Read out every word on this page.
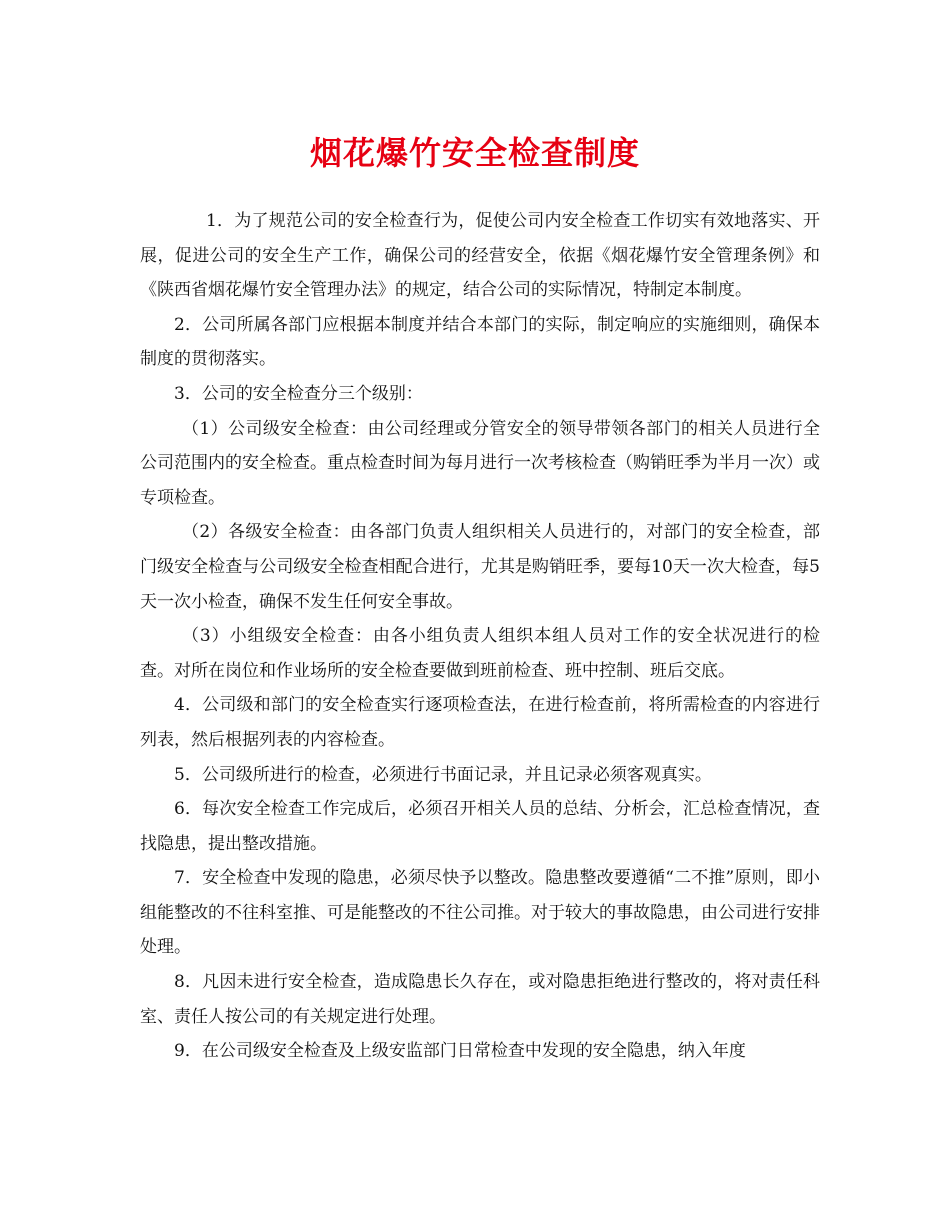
烟花爆竹安全检查制度

1．为了规范公司的安全检查行为，促使公司内安全检查工作切实有效地落实、开展，促进公司的安全生产工作，确保公司的经营安全，依据《烟花爆竹安全管理条例》和《陕西省烟花爆竹安全管理办法》的规定，结合公司的实际情况，特制定本制度。

2．公司所属各部门应根据本制度并结合本部门的实际，制定响应的实施细则，确保本制度的贯彻落实。

3．公司的安全检查分三个级别：

（1）公司级安全检查：由公司经理或分管安全的领导带领各部门的相关人员进行全公司范围内的安全检查。重点检查时间为每月进行一次考核检查（购销旺季为半月一次）或专项检查。

（2）各级安全检查：由各部门负责人组织相关人员进行的，对部门的安全检查，部门级安全检查与公司级安全检查相配合进行，尤其是购销旺季，要每10天一次大检查，每5天一次小检查，确保不发生任何安全事故。

（3）小组级安全检查：由各小组负责人组织本组人员对工作的安全状况进行的检查。对所在岗位和作业场所的安全检查要做到班前检查、班中控制、班后交底。

4．公司级和部门的安全检查实行逐项检查法，在进行检查前，将所需检查的内容进行列表，然后根据列表的内容检查。

5．公司级所进行的检查，必须进行书面记录，并且记录必须客观真实。

6．每次安全检查工作完成后，必须召开相关人员的总结、分析会，汇总检查情况，查找隐患，提出整改措施。

7．安全检查中发现的隐患，必须尽快予以整改。隐患整改要遵循“二不推”原则，即小组能整改的不往科室推、可是能整改的不往公司推。对于较大的事故隐患，由公司进行安排处理。

8．凡因未进行安全检查，造成隐患长久存在，或对隐患拒绝进行整改的，将对责任科室、责任人按公司的有关规定进行处理。

9．在公司级安全检查及上级安监部门日常检查中发现的安全隐患，纳入年度
